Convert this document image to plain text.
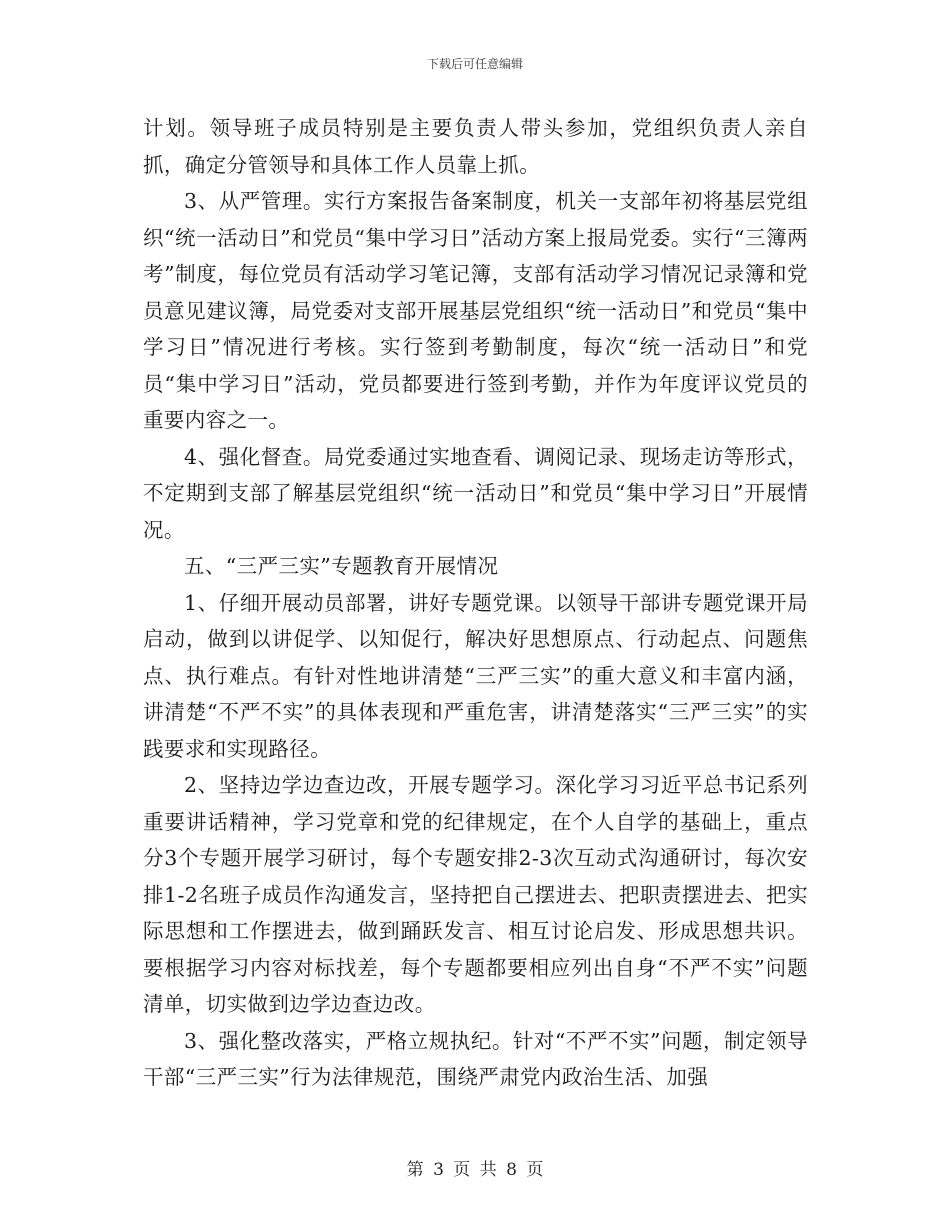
下载后可任意编辑

计划。领导班子成员特别是主要负责人带头参加，党组织负责人亲自抓，确定分管领导和具体工作人员靠上抓。

3、从严管理。实行方案报告备案制度，机关一支部年初将基层党组织“统一活动日”和党员“集中学习日”活动方案上报局党委。实行“三簿两考”制度，每位党员有活动学习笔记簿，支部有活动学习情况记录簿和党员意见建议簿，局党委对支部开展基层党组织“统一活动日”和党员“集中学习日”情况进行考核。实行签到考勤制度，每次“统一活动日”和党员“集中学习日”活动，党员都要进行签到考勤，并作为年度评议党员的重要内容之一。

4、强化督查。局党委通过实地查看、调阅记录、现场走访等形式，不定期到支部了解基层党组织“统一活动日”和党员“集中学习日”开展情况。

五、“三严三实”专题教育开展情况

1、仔细开展动员部署，讲好专题党课。以领导干部讲专题党课开局启动，做到以讲促学、以知促行，解决好思想原点、行动起点、问题焦点、执行难点。有针对性地讲清楚“三严三实”的重大意义和丰富内涵，讲清楚“不严不实”的具体表现和严重危害，讲清楚落实“三严三实”的实践要求和实现路径。

2、坚持边学边查边改，开展专题学习。深化学习习近平总书记系列重要讲话精神，学习党章和党的纪律规定，在个人自学的基础上，重点分3个专题开展学习研讨，每个专题安排2-3次互动式沟通研讨，每次安排1-2名班子成员作沟通发言，坚持把自己摆进去、把职责摆进去、把实际思想和工作摆进去，做到踊跃发言、相互讨论启发、形成思想共识。要根据学习内容对标找差，每个专题都要相应列出自身“不严不实”问题清单，切实做到边学边查边改。

3、强化整改落实，严格立规执纪。针对“不严不实”问题，制定领导干部“三严三实”行为法律规范，围绕严肃党内政治生活、加强

第 3 页 共 8 页
